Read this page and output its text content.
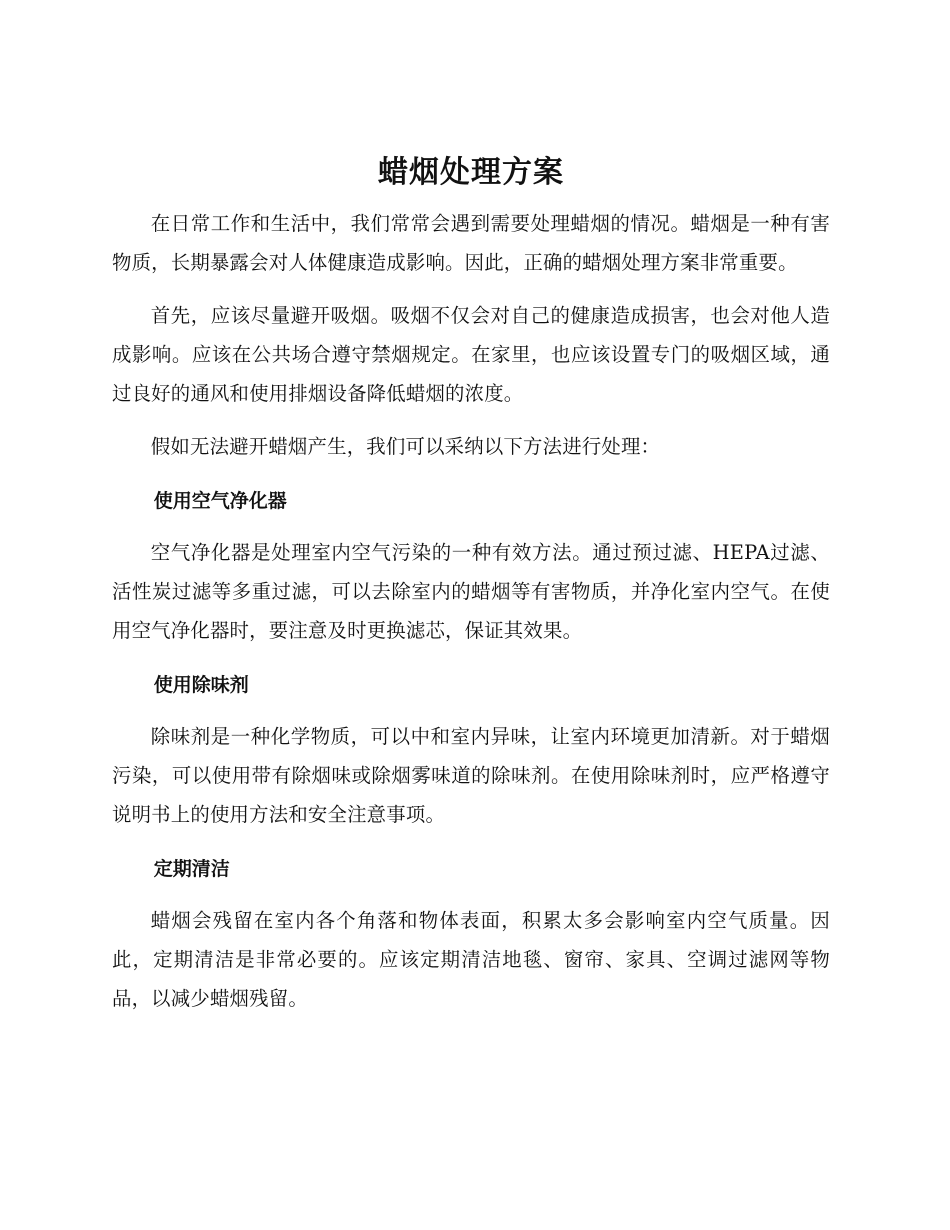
蜡烟处理方案

在日常工作和生活中，我们常常会遇到需要处理蜡烟的情况。蜡烟是一种有害物质，长期暴露会对人体健康造成影响。因此，正确的蜡烟处理方案非常重要。

首先，应该尽量避开吸烟。吸烟不仅会对自己的健康造成损害，也会对他人造成影响。应该在公共场合遵守禁烟规定。在家里，也应该设置专门的吸烟区域，通过良好的通风和使用排烟设备降低蜡烟的浓度。

假如无法避开蜡烟产生，我们可以采纳以下方法进行处理：

使用空气净化器

空气净化器是处理室内空气污染的一种有效方法。通过预过滤、HEPA过滤、活性炭过滤等多重过滤，可以去除室内的蜡烟等有害物质，并净化室内空气。在使用空气净化器时，要注意及时更换滤芯，保证其效果。

使用除味剂

除味剂是一种化学物质，可以中和室内异味，让室内环境更加清新。对于蜡烟污染，可以使用带有除烟味或除烟雾味道的除味剂。在使用除味剂时，应严格遵守说明书上的使用方法和安全注意事项。

定期清洁

蜡烟会残留在室内各个角落和物体表面，积累太多会影响室内空气质量。因此，定期清洁是非常必要的。应该定期清洁地毯、窗帘、家具、空调过滤网等物品，以减少蜡烟残留。
